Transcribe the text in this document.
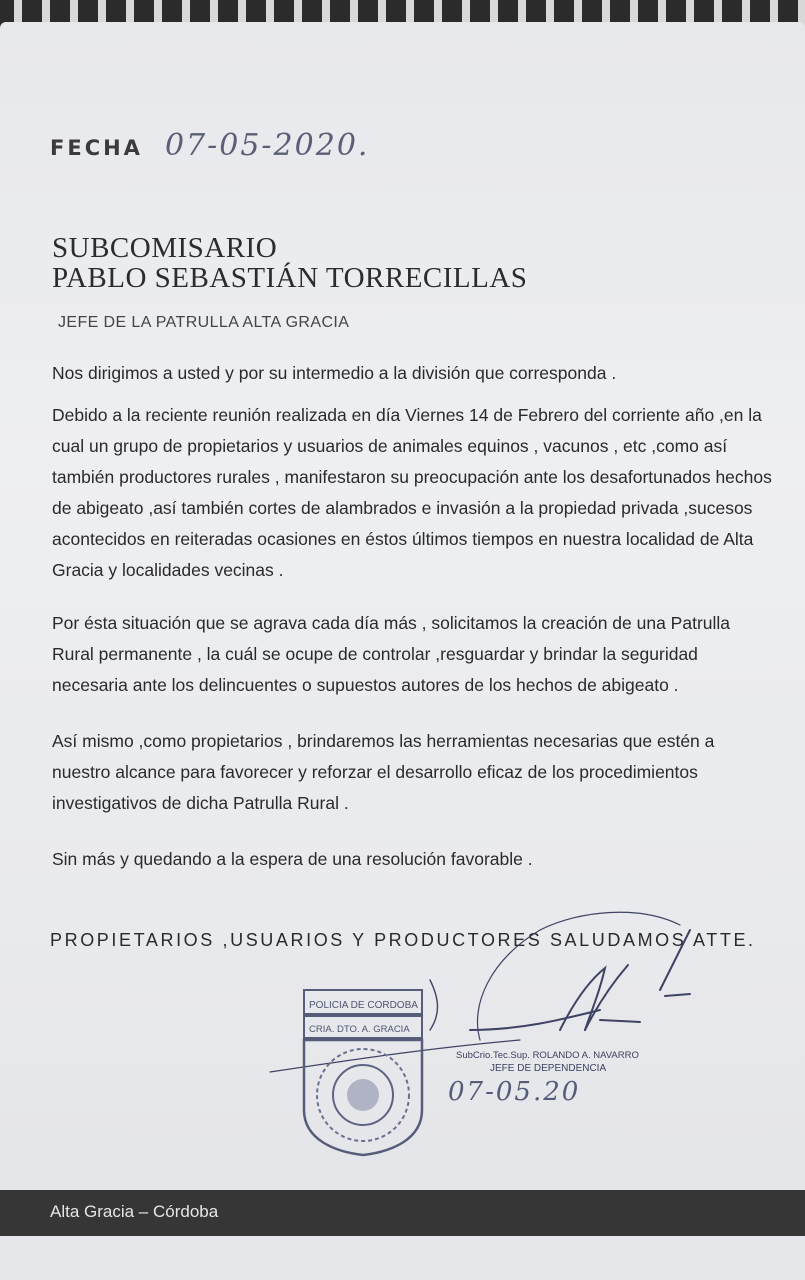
FECHA 07-05-2020.
SUBCOMISARIO
PABLO SEBASTIÁN TORRECILLAS
JEFE DE LA PATRULLA ALTA GRACIA
Nos dirigimos a usted y por su intermedio a la división que corresponda .
Debido a la reciente reunión realizada en día Viernes 14 de Febrero del corriente año ,en la cual un grupo de propietarios y usuarios de animales equinos , vacunos , etc ,como así también productores rurales , manifestaron su preocupación ante los desafortunados hechos de abigeato ,así también cortes de alambrados e invasión a la propiedad privada ,sucesos acontecidos en reiteradas ocasiones en éstos últimos tiempos en nuestra localidad de Alta Gracia y localidades vecinas .
Por ésta situación que se agrava cada día más , solicitamos la creación de una Patrulla Rural permanente , la cuál se ocupe de controlar ,resguardar y brindar la seguridad necesaria ante los delincuentes o supuestos autores de los hechos de abigeato .
Así mismo ,como propietarios , brindaremos las herramientas necesarias que estén a nuestro alcance para favorecer y reforzar el desarrollo eficaz de los procedimientos investigativos de dicha Patrulla Rural .
Sin más y quedando a la espera de una resolución favorable .
PROPIETARIOS ,USUARIOS Y PRODUCTORES SALUDAMOS ATTE.
POLICIA DE CORDOBA
CRIA. DTO. A. GRACIA
SubCrio.Tec.Sup. ROLANDO A. NAVARRO
JEFE DE DEPENDENCIA
07-05.20
Alta Gracia – Córdoba
